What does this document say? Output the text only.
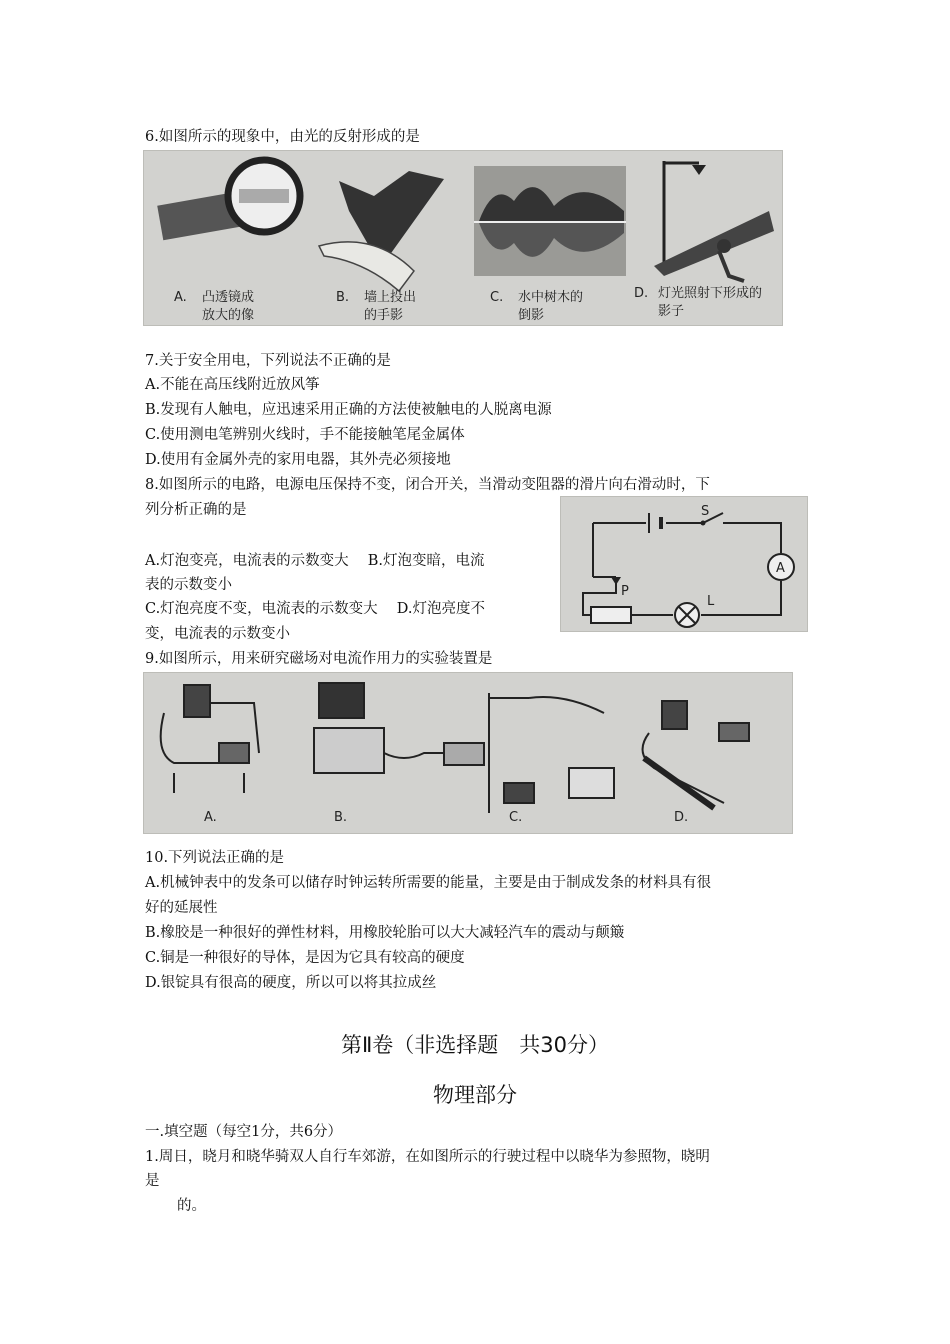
6.如图所示的现象中，由光的反射形成的是
A. 凸透镜成
放大的像
B. 墙上投出
的手影
C. 水中树木的
倒影
D. 灯光照射下形成的
影子
7.关于安全用电，下列说法不正确的是
A.不能在高压线附近放风筝
B.发现有人触电，应迅速采用正确的方法使被触电的人脱离电源
C.使用测电笔辨别火线时，手不能接触笔尾金属体
D.使用有金属外壳的家用电器，其外壳必须接地
8.如图所示的电路，电源电压保持不变，闭合开关，当滑动变阻器的滑片向右滑动时，下
列分析正确的是
A
S
P
L
A.灯泡变亮，电流表的示数变大　 B.灯泡变暗，电流
表的示数变小
C.灯泡亮度不变，电流表的示数变大　 D.灯泡亮度不
变，电流表的示数变小
9.如图所示，用来研究磁场对电流作用力的实验装置是
A.	B.	C.	D.
10.下列说法正确的是
A.机械钟表中的发条可以储存时钟运转所需要的能量，主要是由于制成发条的材料具有很
好的延展性
B.橡胶是一种很好的弹性材料，用橡胶轮胎可以大大减轻汽车的震动与颠簸
C.铜是一种很好的导体，是因为它具有较高的硬度
D.银锭具有很高的硬度，所以可以将其拉成丝
第Ⅱ卷（非选择题　共30分）
物理部分
一.填空题（每空1分，共6分）
1.周日，晓月和晓华骑双人自行车郊游，在如图所示的行驶过程中以晓华为参照物，晓明
是
的。
